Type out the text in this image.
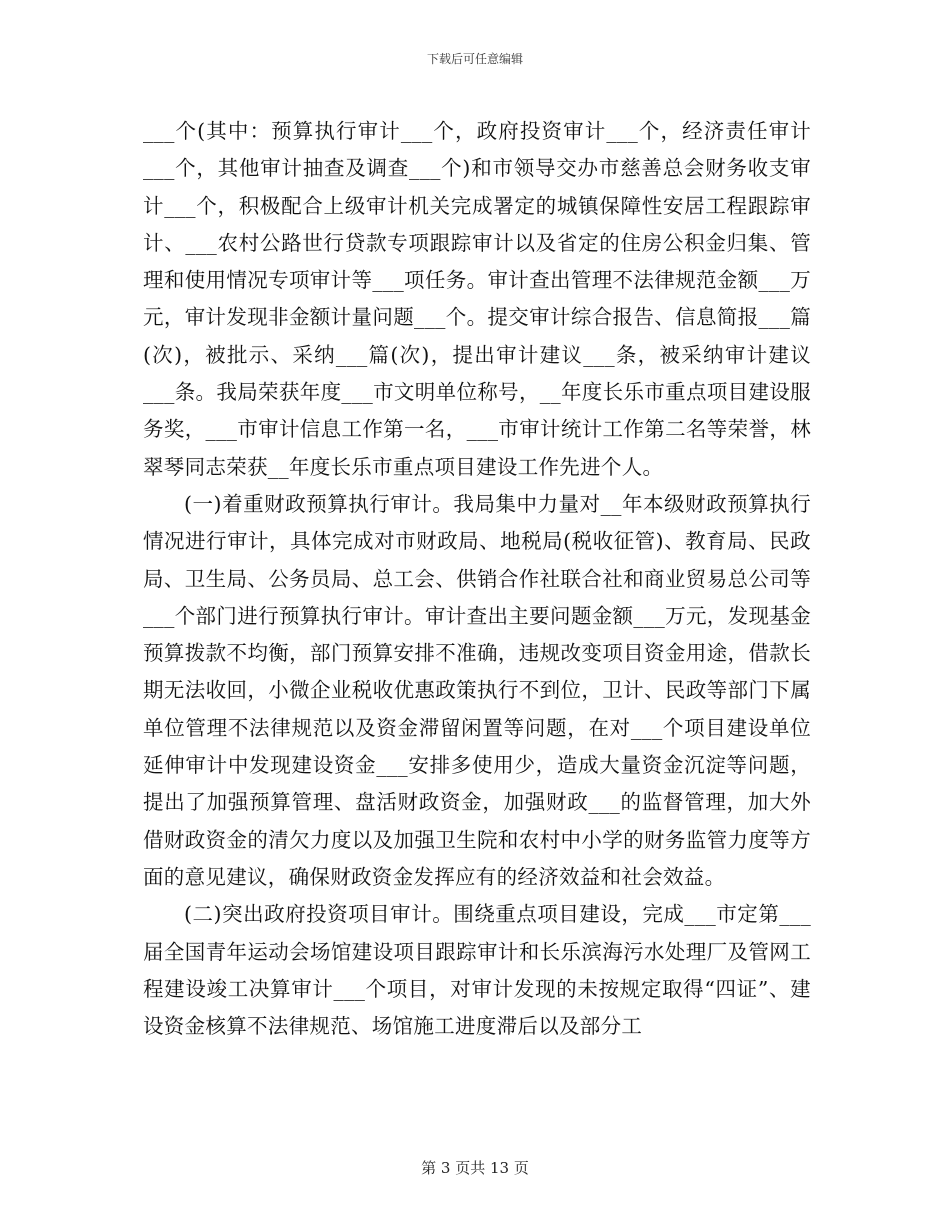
下载后可任意编辑

___个(其中：预算执行审计___个，政府投资审计___个，经济责任审计___个，其他审计抽查及调查___个)和市领导交办市慈善总会财务收支审计___个，积极配合上级审计机关完成署定的城镇保障性安居工程跟踪审计、___农村公路世行贷款专项跟踪审计以及省定的住房公积金归集、管理和使用情况专项审计等___项任务。审计查出管理不法律规范金额___万元，审计发现非金额计量问题___个。提交审计综合报告、信息简报___篇(次)，被批示、采纳___篇(次)，提出审计建议___条，被采纳审计建议___条。我局荣获年度___市文明单位称号，__年度长乐市重点项目建设服务奖，___市审计信息工作第一名，___市审计统计工作第二名等荣誉，林翠琴同志荣获__年度长乐市重点项目建设工作先进个人。

(一)着重财政预算执行审计。我局集中力量对__年本级财政预算执行情况进行审计，具体完成对市财政局、地税局(税收征管)、教育局、民政局、卫生局、公务员局、总工会、供销合作社联合社和商业贸易总公司等___个部门进行预算执行审计。审计查出主要问题金额___万元，发现基金预算拨款不均衡，部门预算安排不准确，违规改变项目资金用途，借款长期无法收回，小微企业税收优惠政策执行不到位，卫计、民政等部门下属单位管理不法律规范以及资金滞留闲置等问题，在对___个项目建设单位延伸审计中发现建设资金___安排多使用少，造成大量资金沉淀等问题，提出了加强预算管理、盘活财政资金，加强财政___的监督管理，加大外借财政资金的清欠力度以及加强卫生院和农村中小学的财务监管力度等方面的意见建议，确保财政资金发挥应有的经济效益和社会效益。

(二)突出政府投资项目审计。围绕重点项目建设，完成___市定第___届全国青年运动会场馆建设项目跟踪审计和长乐滨海污水处理厂及管网工程建设竣工决算审计___个项目，对审计发现的未按规定取得“四证”、建设资金核算不法律规范、场馆施工进度滞后以及部分工

第 3 页共 13 页
